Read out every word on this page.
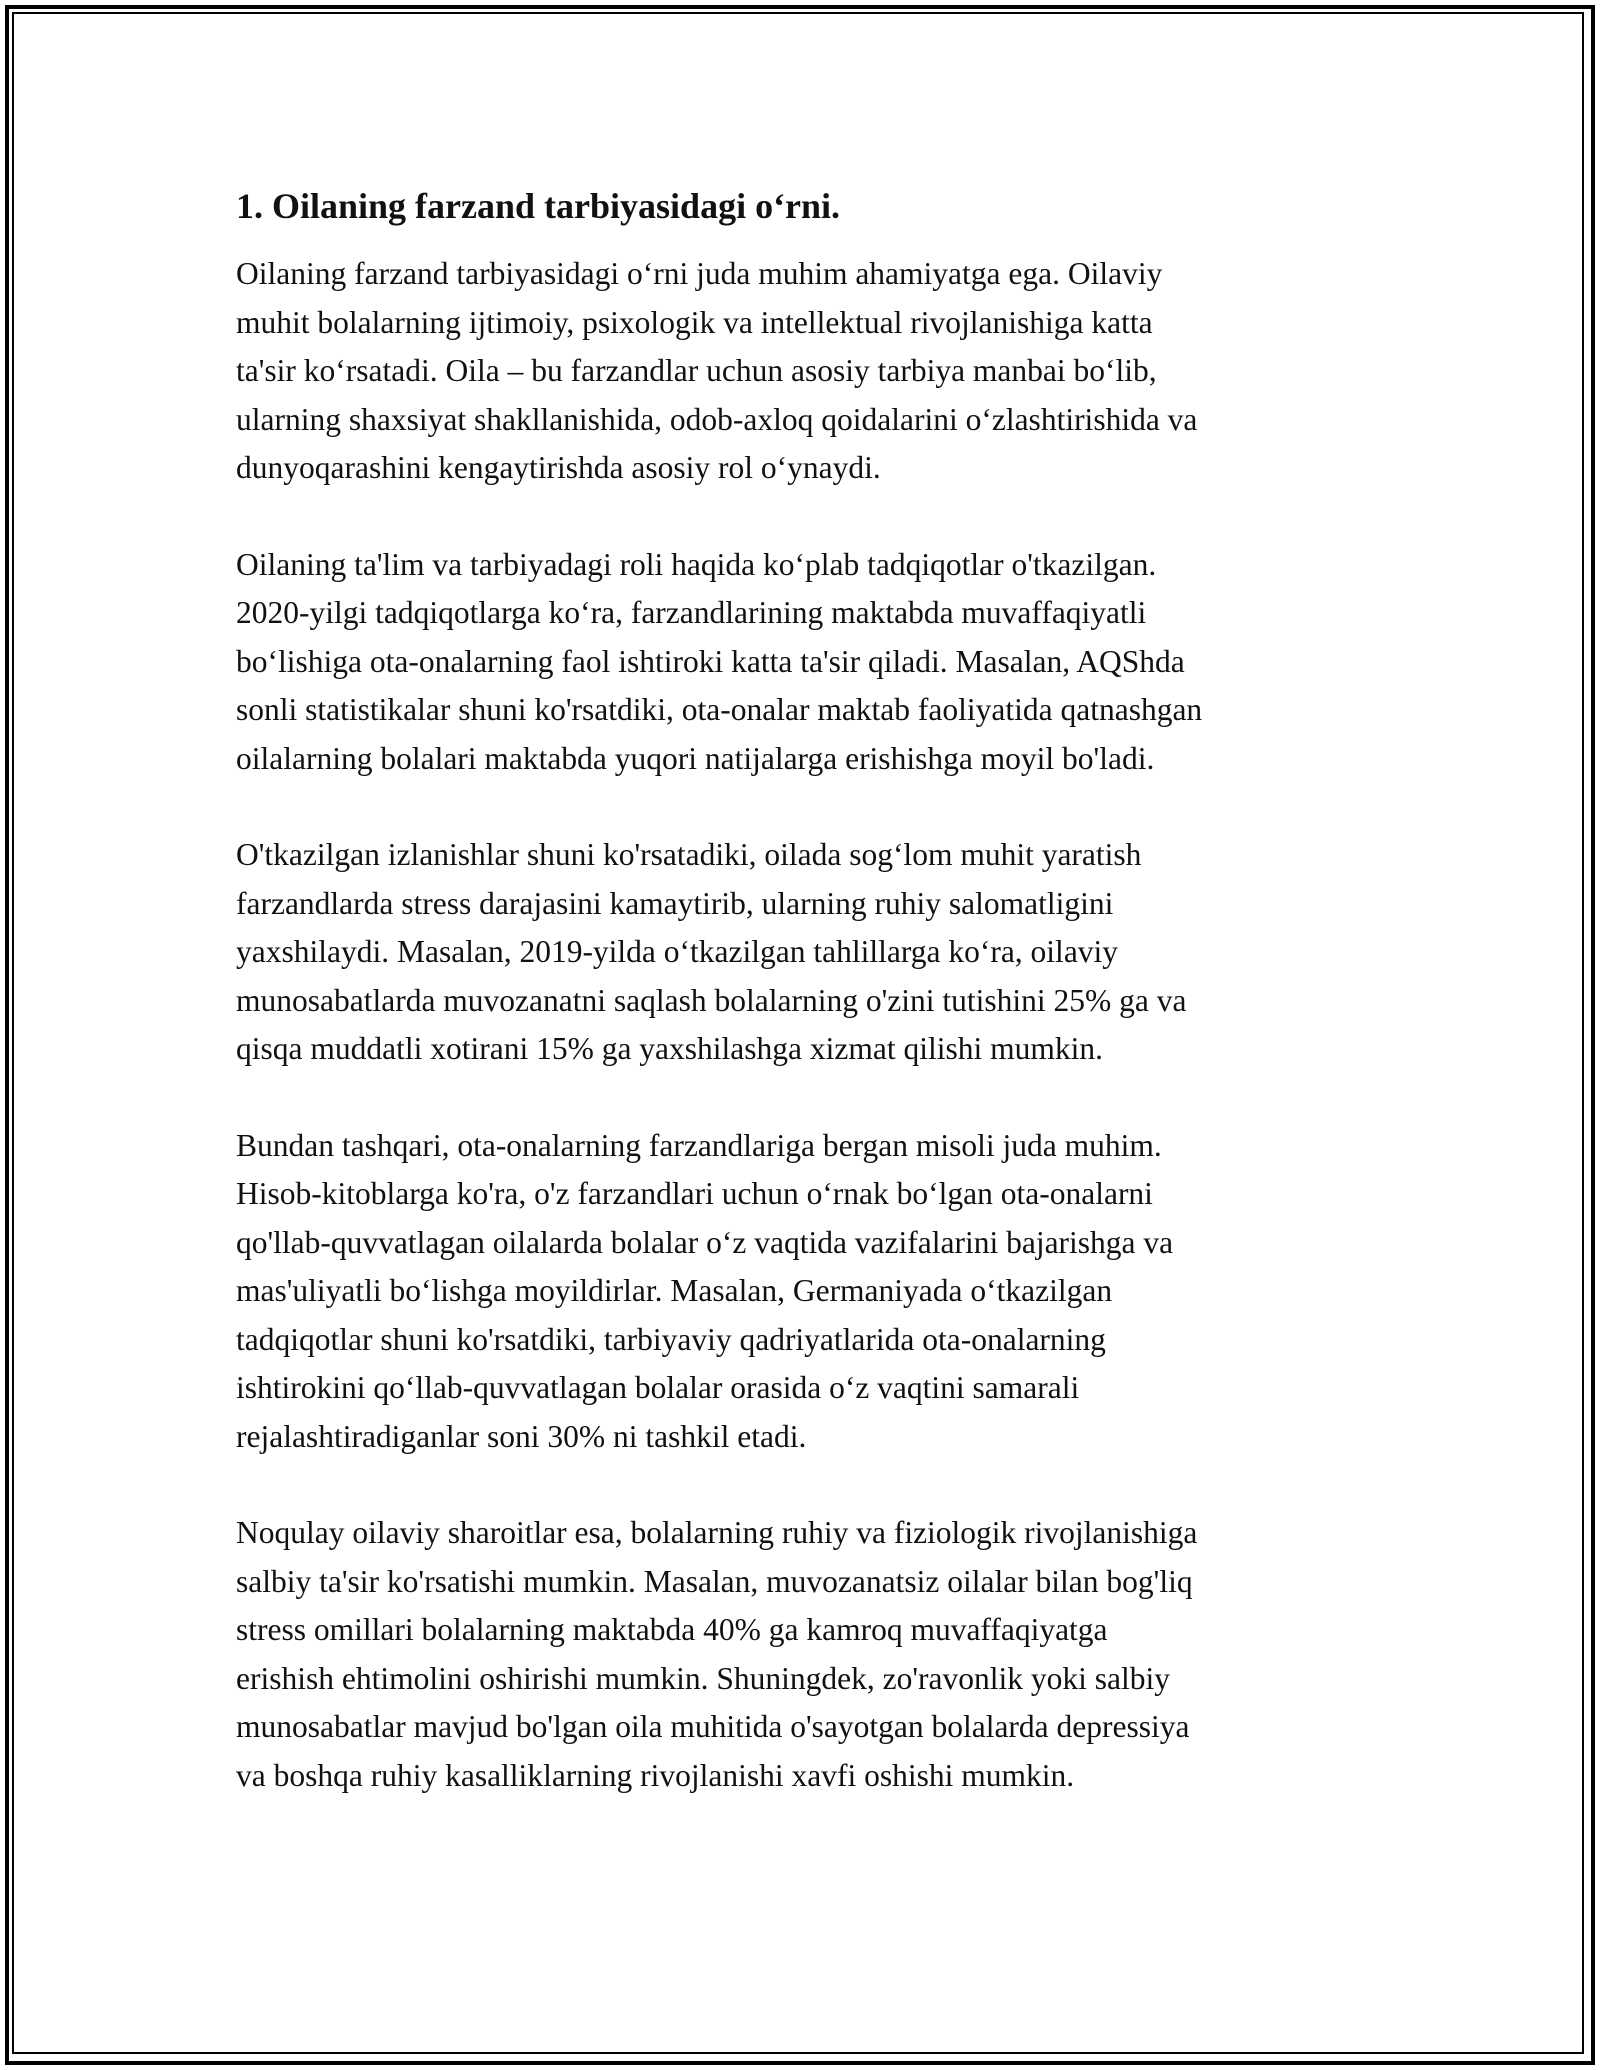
1. Oilaning farzand tarbiyasidagi o‘rni.
Oilaning farzand tarbiyasidagi o‘rni juda muhim ahamiyatga ega. Oilaviy
muhit bolalarning ijtimoiy, psixologik va intellektual rivojlanishiga katta
ta'sir ko‘rsatadi. Oila – bu farzandlar uchun asosiy tarbiya manbai bo‘lib,
ularning shaxsiyat shakllanishida, odob-axloq qoidalarini o‘zlashtirishida va
dunyoqarashini kengaytirishda asosiy rol o‘ynaydi.
Oilaning ta'lim va tarbiyadagi roli haqida ko‘plab tadqiqotlar o'tkazilgan.
2020-yilgi tadqiqotlarga ko‘ra, farzandlarining maktabda muvaffaqiyatli
bo‘lishiga ota-onalarning faol ishtiroki katta ta'sir qiladi. Masalan, AQShda
sonli statistikalar shuni ko'rsatdiki, ota-onalar maktab faoliyatida qatnashgan
oilalarning bolalari maktabda yuqori natijalarga erishishga moyil bo'ladi.
O'tkazilgan izlanishlar shuni ko'rsatadiki, oilada sog‘lom muhit yaratish
farzandlarda stress darajasini kamaytirib, ularning ruhiy salomatligini
yaxshilaydi. Masalan, 2019-yilda o‘tkazilgan tahlillarga ko‘ra, oilaviy
munosabatlarda muvozanatni saqlash bolalarning o'zini tutishini 25% ga va
qisqa muddatli xotirani 15% ga yaxshilashga xizmat qilishi mumkin.
Bundan tashqari, ota-onalarning farzandlariga bergan misoli juda muhim.
Hisob-kitoblarga ko'ra, o'z farzandlari uchun o‘rnak bo‘lgan ota-onalarni
qo'llab-quvvatlagan oilalarda bolalar o‘z vaqtida vazifalarini bajarishga va
mas'uliyatli bo‘lishga moyildirlar. Masalan, Germaniyada o‘tkazilgan
tadqiqotlar shuni ko'rsatdiki, tarbiyaviy qadriyatlarida ota-onalarning
ishtirokini qo‘llab-quvvatlagan bolalar orasida o‘z vaqtini samarali
rejalashtiradiganlar soni 30% ni tashkil etadi.
Noqulay oilaviy sharoitlar esa, bolalarning ruhiy va fiziologik rivojlanishiga
salbiy ta'sir ko'rsatishi mumkin. Masalan, muvozanatsiz oilalar bilan bog'liq
stress omillari bolalarning maktabda 40% ga kamroq muvaffaqiyatga
erishish ehtimolini oshirishi mumkin. Shuningdek, zo'ravonlik yoki salbiy
munosabatlar mavjud bo'lgan oila muhitida o'sayotgan bolalarda depressiya
va boshqa ruhiy kasalliklarning rivojlanishi xavfi oshishi mumkin.
